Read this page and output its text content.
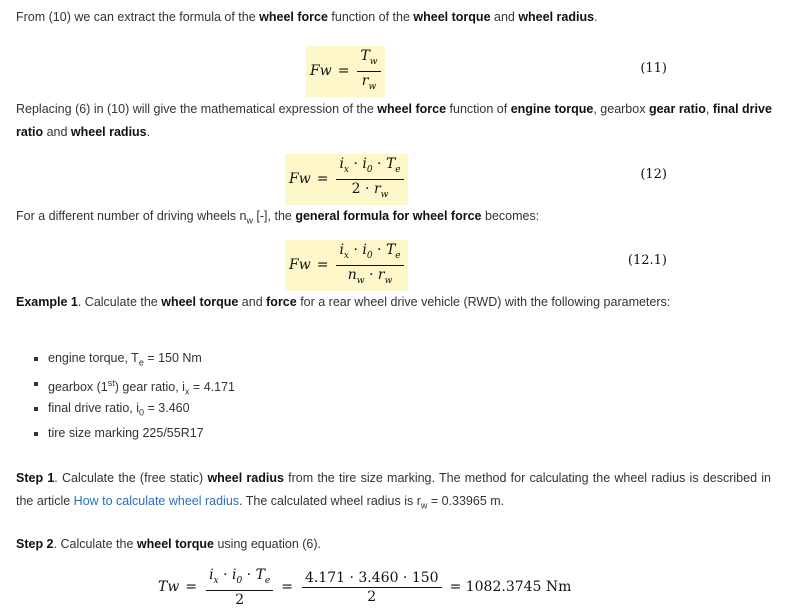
From (10) we can extract the formula of the wheel force function of the wheel torque and wheel radius.
F $w = \frac{T_w}{r_w}$	(11)
Replacing (6) in (10) will give the mathematical expression of the wheel force function of engine torque, gearbox gear ratio, final drive ratio and wheel radius.
F $w = \frac{i_x \cdot i_0 \cdot T_e}{2 \cdot r_w}$	(12)
For a different number of driving wheels $n_w$ [-], the general formula for wheel force becomes:
F $w = \frac{i_x \cdot i_0 \cdot T_e}{n_w \cdot r_w}$	(12.1)
Example 1. Calculate the wheel torque and force for a rear wheel drive vehicle (RWD) with the following parameters:
engine torque, $T_e = 150$ Nm
gearbox (1st) gear ratio, $i_x = 4.171$
final drive ratio, $i_0 = 3.460$
tire size marking 225/55R17
Step 1. Calculate the (free static) wheel radius from the tire size marking. The method for calculating the wheel radius is described in the article How to calculate wheel radius. The calculated wheel radius is $r_w = 0.33965$ m.
Step 2. Calculate the wheel torque using equation (6).
T $w = \frac{i_x \cdot i_0 \cdot T_e}{2} = \frac{4.171 \cdot 3.460 \cdot 150}{2} = 1082.3745$ Nm
